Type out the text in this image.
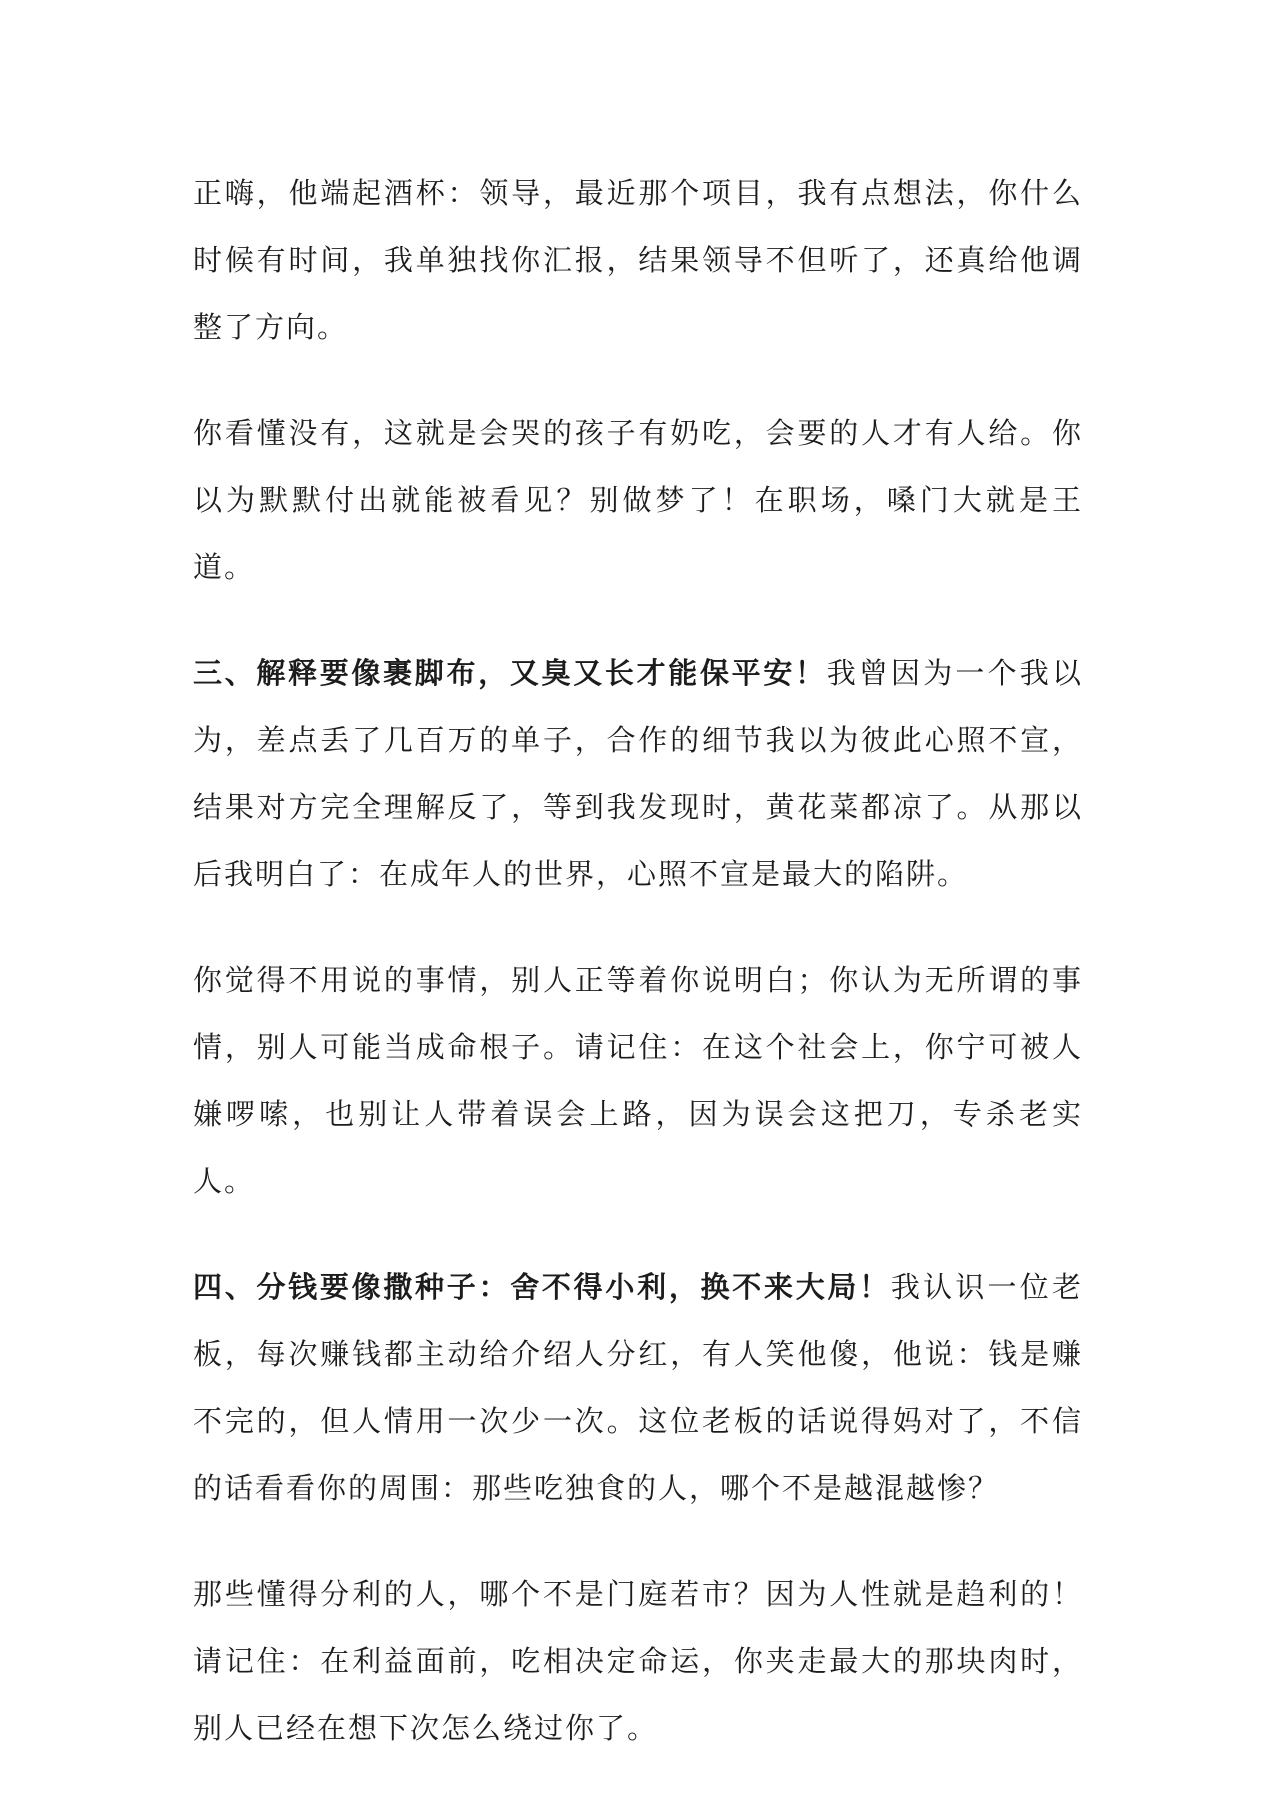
正嗨，他端起酒杯：领导，最近那个项目，我有点想法，你什么时候有时间，我单独找你汇报，结果领导不但听了，还真给他调整了方向。

你看懂没有，这就是会哭的孩子有奶吃，会要的人才有人给。你以为默默付出就能被看见？别做梦了！在职场，嗓门大就是王道。

三、解释要像裹脚布，又臭又长才能保平安！我曾因为一个我以为，差点丢了几百万的单子，合作的细节我以为彼此心照不宣，结果对方完全理解反了，等到我发现时，黄花菜都凉了。从那以后我明白了：在成年人的世界，心照不宣是最大的陷阱。

你觉得不用说的事情，别人正等着你说明白；你认为无所谓的事情，别人可能当成命根子。请记住：在这个社会上，你宁可被人嫌啰嗦，也别让人带着误会上路，因为误会这把刀，专杀老实人。

四、分钱要像撒种子：舍不得小利，换不来大局！我认识一位老板，每次赚钱都主动给介绍人分红，有人笑他傻，他说：钱是赚不完的，但人情用一次少一次。这位老板的话说得妈对了，不信的话看看你的周围：那些吃独食的人，哪个不是越混越惨？

那些懂得分利的人，哪个不是门庭若市？因为人性就是趋利的！请记住：在利益面前，吃相决定命运，你夹走最大的那块肉时，别人已经在想下次怎么绕过你了。
